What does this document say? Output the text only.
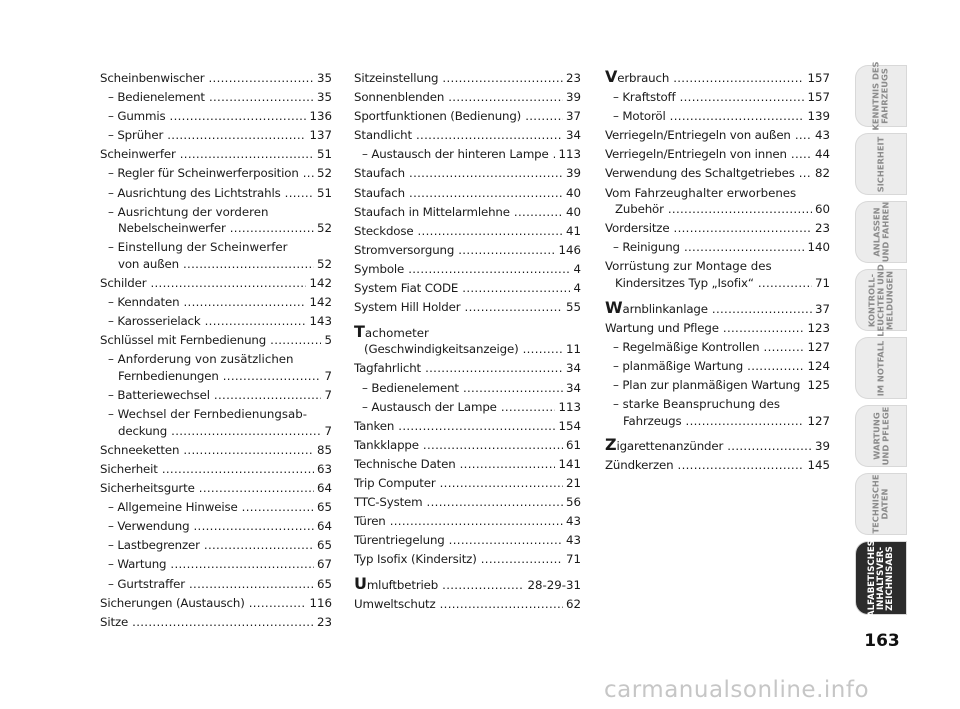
Scheinbenwischer .....	35
– Bedienelement .....	35
– Gummis .....	136
– Sprüher .....	137
Scheinwerfer .....	51
– Regler für Scheinwerferposition .....	52
– Ausrichtung des Lichtstrahls .....	51
– Ausrichtung der vorderen
Nebelscheinwerfer .....	52
– Einstellung der Scheinwerfer
von außen .....	52
Schilder .....	142
– Kenndaten .....	142
– Karosserielack .....	143
Schlüssel mit Fernbedienung .....	5
– Anforderung von zusätzlichen
Fernbedienungen .....	7
– Batteriewechsel .....	7
– Wechsel der Fernbedienungsab-
deckung .....	7
Schneeketten .....	85
Sicherheit .....	63
Sicherheitsgurte .....	64
– Allgemeine Hinweise .....	65
– Verwendung .....	64
– Lastbegrenzer .....	65
– Wartung .....	67
– Gurtstraffer .....	65
Sicherungen (Austausch) .....	116
Sitze .....	23
Sitzeinstellung .....	23
Sonnenblenden .....	39
Sportfunktionen (Bedienung) .....	37
Standlicht .....	34
– Austausch der hinteren Lampe ..... 113
Staufach .....	39
Staufach .....	40
Staufach in Mittelarmlehne .....	40
Steckdose .....	41
Stromversorgung .....	146
Symbole .....	4
System Fiat CODE .....	4
System Hill Holder .....	55
Tachometer
(Geschwindigkeitsanzeige) .....	11
Tagfahrlicht .....	34
– Bedienelement .....	34
– Austausch der Lampe .....	113
Tanken .....	154
Tankklappe .....	61
Technische Daten .....	141
Trip Computer .....	21
TTC-System .....	56
Türen .....	43
Türentriegelung .....	43
Typ Isofix (Kindersitz) .....	71
Umluftbetrieb .....	28-29-31
Umweltschutz .....	62
Verbrauch .....	157
– Kraftstoff .....	157
– Motoröl .....	139
Verriegeln/Entriegeln von außen .....	43
Verriegeln/Entriegeln von innen .....	44
Verwendung des Schaltgetriebes .....	82
Vom Fahrzeughalter erworbenes
Zubehör .....	60
Vordersitze .....	23
– Reinigung .....	140
Vorrüstung zur Montage des
Kindersitzes Typ „Isofix“ .....	71
Warnblinkanlage .....	37
Wartung und Pflege .....	123
– Regelmäßige Kontrollen .....	127
– planmäßige Wartung .....	124
– Plan zur planmäßigen Wartung ..... 125
– starke Beanspruchung des
Fahrzeugs .....	127
Zigarettenanzünder .....	39
Zündkerzen .....	145
KENNTNIS DES FAHRZEUGS
SICHERHEIT
ANLASSEN UND FAHREN
KONTROLL- LEUCHTEN UND MELDUNGEN
IM NOTFALL
WARTUNG UND PFLEGE
TECHNISCHE DATEN
ALFABETISCHES INHALTSVER- ZEICHNISABS
163
carmanualsonline.info
